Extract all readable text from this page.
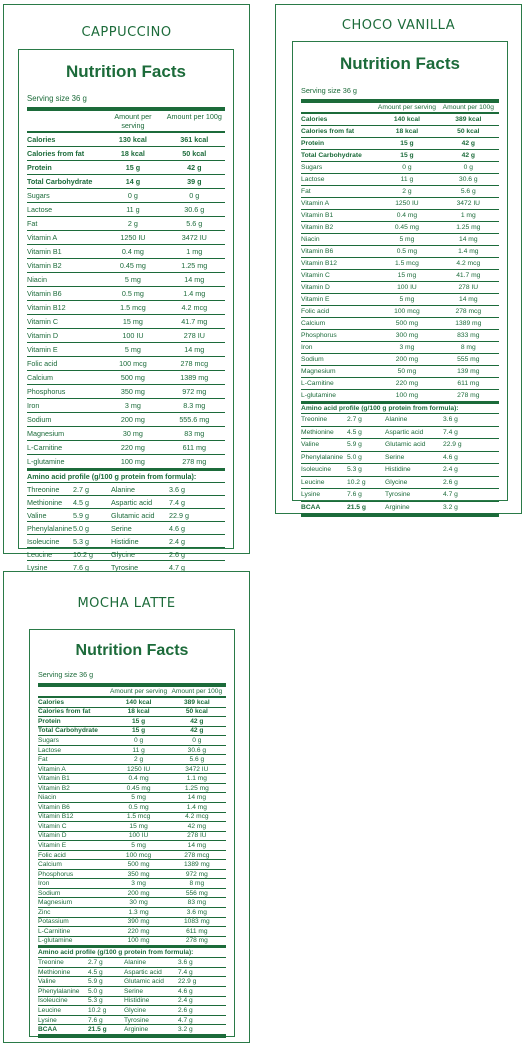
CAPPUCCINO
Nutrition Facts
Serving size 36 g
Amount per serving
Amount per 100g
Calories	130 kcal	361 kcal
Calories from fat	18 kcal	50 kcal
Protein	15 g	42 g
Total Carbohydrate	14 g	39 g
Sugars	0 g	0 g
Lactose	11 g	30.6 g
Fat	2 g	5.6 g
Vitamin A	1250 IU	3472 IU
Vitamin B1	0.4 mg	1 mg
Vitamin B2	0.45 mg	1.25 mg
Niacin	5 mg	14 mg
Vitamin B6	0.5 mg	1.4 mg
Vitamin B12	1.5 mcg	4.2 mcg
Vitamin C	15 mg	41.7 mg
Vitamin D	100 IU	278 IU
Vitamin E	5 mg	14 mg
Folic acid	100 mcg	278 mcg
Calcium	500 mg	1389 mg
Phosphorus	350 mg	972 mg
Iron	3 mg	8.3 mg
Sodium	200 mg	555.6 mg
Magnesium	30 mg	83 mg
L-Carnitine	220 mg	611 mg
L-glutamine	100 mg	278 mg
Amino acid profile (g/100 g protein from formula):
Threonine	2.7 g	Alanine	3.6 g
Methionine	4.5 g	Aspartic acid	7.4 g
Valine	5.9 g	Glutamic acid	22.9 g
Phenylalanine 5.0 g	Serine	4.6 g
Isoleucine	5.3 g	Histidine	2.4 g
Leucine	10.2 g	Glycine	2.6 g
Lysine	7.6 g	Tyrosine	4.7 g
CHOCO VANILLA
Nutrition Facts
Serving size 36 g
Amount per serving	Amount per 100g
Calories	140 kcal	389 kcal
Calories from fat	18 kcal	50 kcal
Protein	15 g	42 g
Total Carbohydrate	15 g	42 g
Sugars	0 g	0 g
Lactose	11 g	30.6 g
Fat	2 g	5.6 g
Vitamin A	1250 IU	3472 IU
Vitamin B1	0.4 mg	1 mg
Vitamin B2	0.45 mg	1.25 mg
Niacin	5 mg	14 mg
Vitamin B6	0.5 mg	1.4 mg
Vitamin B12	1.5 mcg	4.2 mcg
Vitamin C	15 mg	41.7 mg
Vitamin D	100 IU	278 IU
Vitamin E	5 mg	14 mg
Folic acid	100 mcg	278 mcg
Calcium	500 mg	1389 mg
Phosphorus	300 mg	833 mg
Iron	3 mg	8 mg
Sodium	200 mg	555 mg
Magnesium	50 mg	139 mg
L-Carnitine	220 mg	611 mg
L-glutamine	100 mg	278 mg
Amino acid profile (g/100 g protein from formula):
Treonine	2.7 g	Alanine	3.6 g
Methionine	4.5 g	Aspartic acid	7.4 g
Valine	5.9 g	Glutamic acid	22.9 g
Phenylalanine 5.0 g	Serine	4.6 g
Isoleucine	5.3 g	Histidine	2.4 g
Leucine	10.2 g	Glycine	2.6 g
Lysine	7.6 g	Tyrosine	4.7 g
BCAA	21.5 g	Arginine	3.2 g
MOCHA LATTE
Nutrition Facts
Serving size 36 g
Amount per serving Amount per 100g
Calories	140 kcal	389 kcal
Calories from fat	18 kcal	50 kcal
Protein	15 g	42 g
Total Carbohydrate	15 g	42 g
Sugars	0 g	0 g
Lactose	11 g	30.6 g
Fat	2 g	5.6 g
Vitamin A	1250 IU	3472 IU
Vitamin B1	0.4 mg	1.1 mg
Vitamin B2	0.45 mg	1.25 mg
Niacin	5 mg	14 mg
Vitamin B6	0.5 mg	1.4 mg
Vitamin B12	1.5 mcg	4.2 mcg
Vitamin C	15 mg	42 mg
Vitamin D	100 IU	278 IU
Vitamin E	5 mg	14 mg
Folic acid	100 mcg	278 mcg
Calcium	500 mg	1389 mg
Phosphorus	350 mg	972 mg
Iron	3 mg	8 mg
Sodium	200 mg	556 mg
Magnesium	30 mg	83 mg
Zinc	1.3 mg	3.6 mg
Potassium	390 mg	1083 mg
L-Carnitine	220 mg	611 mg
L-glutamine	100 mg	278 mg
Amino acid profile (g/100 g protein from formula):
Treonine	2.7 g	Alanine	3.6 g
Methionine	4.5 g	Aspartic acid	7.4 g
Valine	5.9 g	Glutamic acid	22.9 g
Phenylalanine	5.0 g	Serine	4.6 g
Isoleucine	5.3 g	Histidine	2.4 g
Leucine	10.2 g	Glycine	2.6 g
Lysine	7.6 g	Tyrosine	4.7 g
BCAA	21.5 g	Arginine	3.2 g
